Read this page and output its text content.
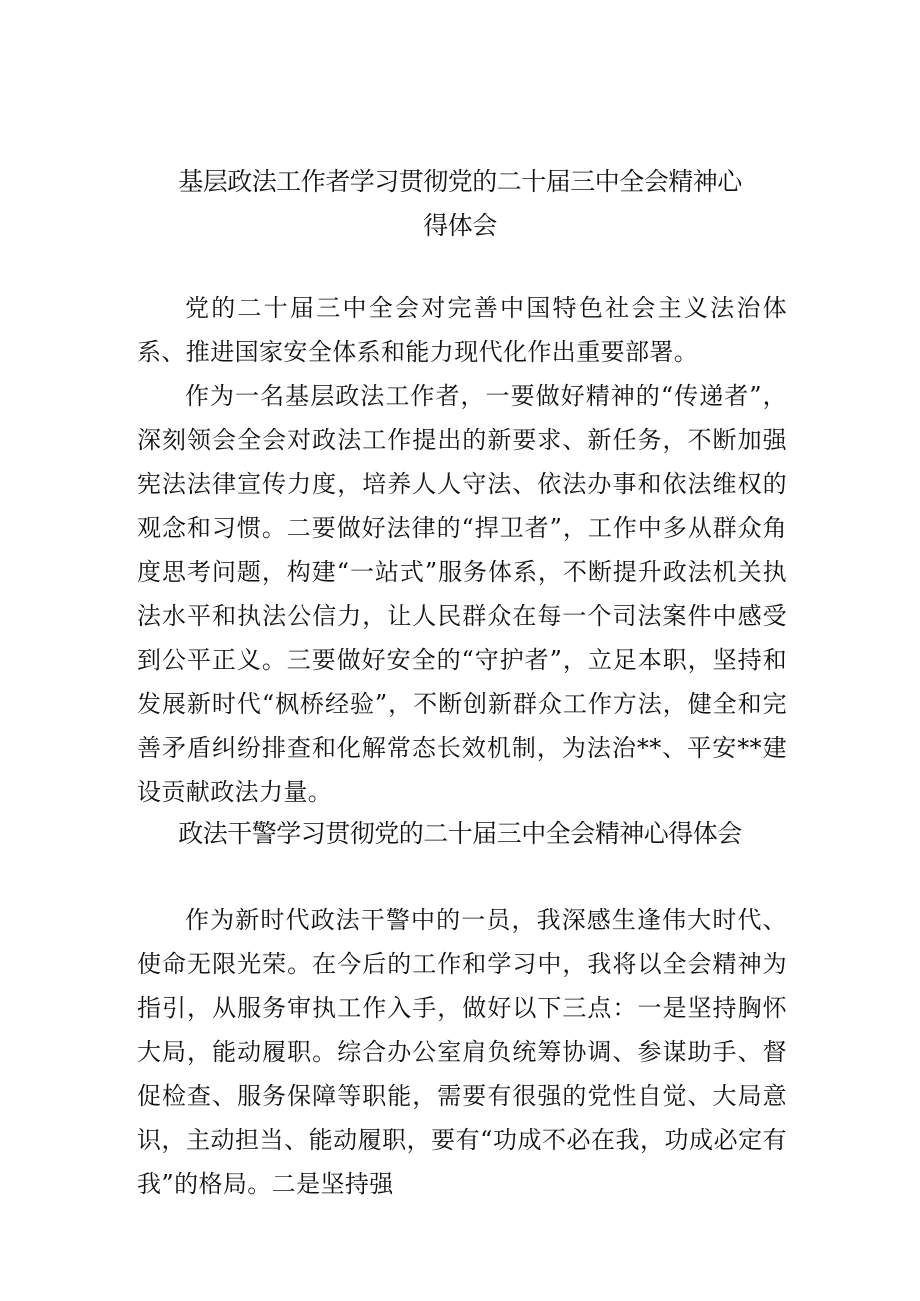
基层政法工作者学习贯彻党的二十届三中全会精神心
得体会

党的二十届三中全会对完善中国特色社会主义法治体系、推进国家安全体系和能力现代化作出重要部署。

作为一名基层政法工作者，一要做好精神的“传递者”，深刻领会全会对政法工作提出的新要求、新任务，不断加强宪法法律宣传力度，培养人人守法、依法办事和依法维权的观念和习惯。二要做好法律的“捍卫者”，工作中多从群众角度思考问题，构建“一站式”服务体系，不断提升政法机关执法水平和执法公信力，让人民群众在每一个司法案件中感受到公平正义。三要做好安全的“守护者”，立足本职，坚持和发展新时代“枫桥经验”，不断创新群众工作方法，健全和完善矛盾纠纷排查和化解常态长效机制，为法治**、平安**建设贡献政法力量。

政法干警学习贯彻党的二十届三中全会精神心得体会

作为新时代政法干警中的一员，我深感生逢伟大时代、使命无限光荣。在今后的工作和学习中，我将以全会精神为指引，从服务审执工作入手，做好以下三点：一是坚持胸怀大局，能动履职。综合办公室肩负统筹协调、参谋助手、督促检查、服务保障等职能，需要有很强的党性自觉、大局意识，主动担当、能动履职，要有“功成不必在我，功成必定有我”的格局。二是坚持强
